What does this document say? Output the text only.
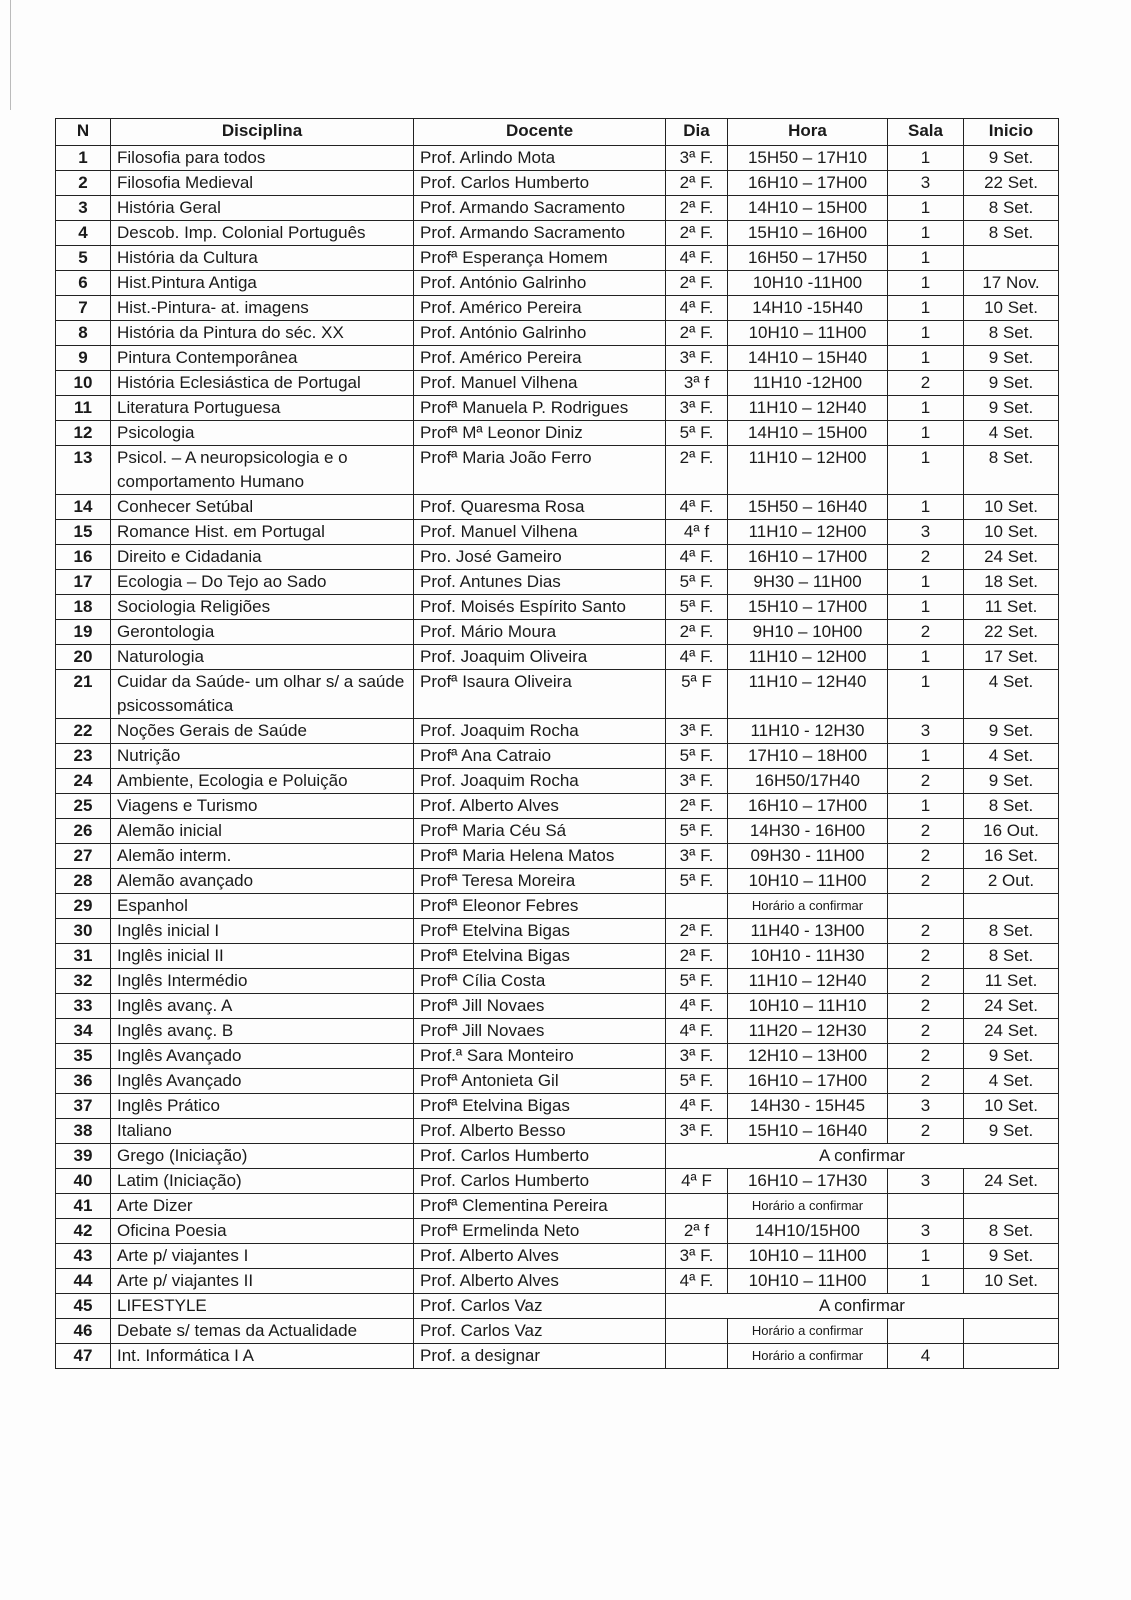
N	Disciplina	Docente	Dia	Hora	Sala	Inicio
1	Filosofia para todos	Prof. Arlindo Mota	3ª F.	15H50 – 17H10	1	9 Set.
2	Filosofia Medieval	Prof. Carlos Humberto	2ª F.	16H10 – 17H00	3	22 Set.
3	História Geral	Prof. Armando Sacramento	2ª F.	14H10 – 15H00	1	8 Set.
4	Descob. Imp. Colonial Português	Prof. Armando Sacramento	2ª F.	15H10 – 16H00	1	8 Set.
5	História da Cultura	Profª Esperança Homem	4ª F.	16H50 – 17H50	1	
6	Hist.Pintura Antiga	Prof. António Galrinho	2ª F.	10H10 -11H00	1	17 Nov.
7	Hist.-Pintura- at. imagens	Prof. Américo Pereira	4ª F.	14H10 -15H40	1	10 Set.
8	História da Pintura do séc. XX	Prof. António Galrinho	2ª F.	10H10 – 11H00	1	8 Set.
9	Pintura Contemporânea	Prof. Américo Pereira	3ª F.	14H10 – 15H40	1	9 Set.
10	História Eclesiástica de Portugal	Prof. Manuel Vilhena	3ª f	11H10 -12H00	2	9 Set.
11	Literatura Portuguesa	Profª Manuela P. Rodrigues	3ª F.	11H10 – 12H40	1	9 Set.
12	Psicologia	Profª Mª Leonor Diniz	5ª F.	14H10 – 15H00	1	4 Set.
13	Psicol. – A neuropsicologia e o comportamento Humano	Profª Maria João Ferro	2ª F.	11H10 – 12H00	1	8 Set.
14	Conhecer Setúbal	Prof. Quaresma Rosa	4ª F.	15H50 – 16H40	1	10 Set.
15	Romance Hist. em Portugal	Prof. Manuel Vilhena	4ª f	11H10 – 12H00	3	10 Set.
16	Direito e Cidadania	Pro. José Gameiro	4ª F.	16H10 – 17H00	2	24 Set.
17	Ecologia – Do Tejo ao Sado	Prof. Antunes Dias	5ª F.	9H30 – 11H00	1	18 Set.
18	Sociologia Religiões	Prof. Moisés Espírito Santo	5ª F.	15H10 – 17H00	1	11 Set.
19	Gerontologia	Prof. Mário Moura	2ª F.	9H10 – 10H00	2	22 Set.
20	Naturologia	Prof. Joaquim Oliveira	4ª F.	11H10 – 12H00	1	17 Set.
21	Cuidar da Saúde- um olhar s/ a saúde psicossomática	Profª Isaura Oliveira	5ª F	11H10 – 12H40	1	4 Set.
22	Noções Gerais de Saúde	Prof. Joaquim Rocha	3ª F.	11H10 - 12H30	3	9 Set.
23	Nutrição	Profª Ana Catraio	5ª F.	17H10 – 18H00	1	4 Set.
24	Ambiente, Ecologia e Poluição	Prof. Joaquim Rocha	3ª F.	16H50/17H40	2	9 Set.
25	Viagens e Turismo	Prof. Alberto Alves	2ª F.	16H10 – 17H00	1	8 Set.
26	Alemão inicial	Profª Maria Céu Sá	5ª F.	14H30 - 16H00	2	16 Out.
27	Alemão interm.	Profª Maria Helena Matos	3ª F.	09H30 - 11H00	2	16 Set.
28	Alemão avançado	Profª Teresa Moreira	5ª F.	10H10 – 11H00	2	2 Out.
29	Espanhol	Profª Eleonor Febres		Horário a confirmar		
30	Inglês inicial I	Profª Etelvina Bigas	2ª F.	11H40 - 13H00	2	8 Set.
31	Inglês inicial II	Profª Etelvina Bigas	2ª F.	10H10 - 11H30	2	8 Set.
32	Inglês Intermédio	Profª Cília Costa	5ª F.	11H10 – 12H40	2	11 Set.
33	Inglês avanç. A	Profª Jill Novaes	4ª F.	10H10 – 11H10	2	24 Set.
34	Inglês avanç. B	Profª Jill Novaes	4ª F.	11H20 – 12H30	2	24 Set.
35	Inglês Avançado	Prof.ª Sara Monteiro	3ª F.	12H10 – 13H00	2	9 Set.
36	Inglês Avançado	Profª Antonieta Gil	5ª F.	16H10 – 17H00	2	4 Set.
37	Inglês Prático	Profª Etelvina Bigas	4ª F.	14H30 - 15H45	3	10 Set.
38	Italiano	Prof. Alberto Besso	3ª F.	15H10 – 16H40	2	9 Set.
39	Grego (Iniciação)	Prof. Carlos Humberto	A confirmar			
40	Latim (Iniciação)	Prof. Carlos Humberto	4ª F	16H10 – 17H30	3	24 Set.
41	Arte Dizer	Profª Clementina Pereira		Horário a confirmar		
42	Oficina Poesia	Profª Ermelinda Neto	2ª f	14H10/15H00	3	8 Set.
43	Arte p/ viajantes I	Prof. Alberto Alves	3ª F.	10H10 – 11H00	1	9 Set.
44	Arte p/ viajantes II	Prof. Alberto Alves	4ª F.	10H10 – 11H00	1	10 Set.
45	LIFESTYLE	Prof. Carlos Vaz	A confirmar			
46	Debate s/ temas da Actualidade	Prof. Carlos Vaz		Horário a confirmar		
47	Int. Informática I A	Prof. a designar		Horário a confirmar	4	
